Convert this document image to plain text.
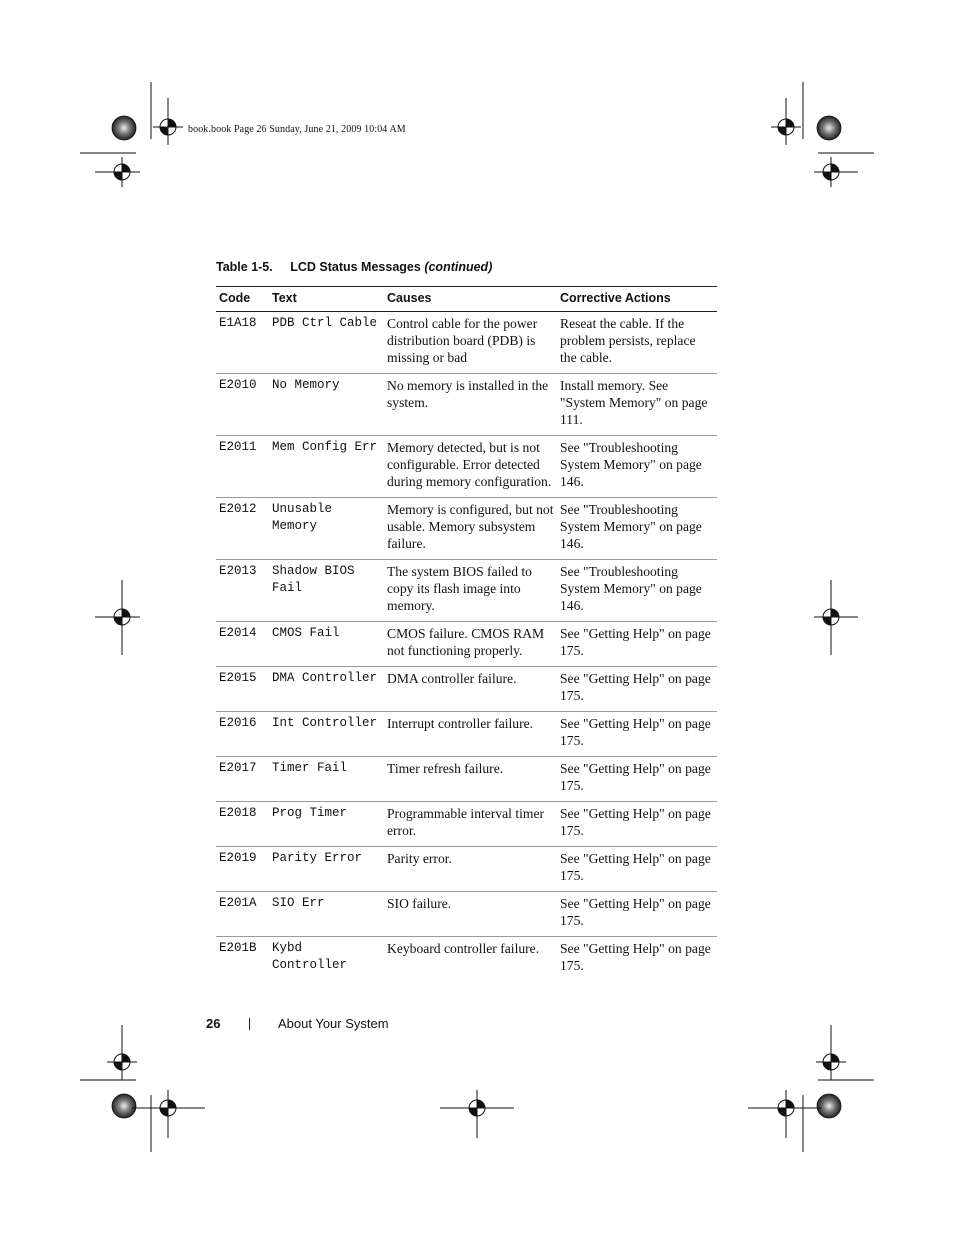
book.book Page 26 Sunday, June 21, 2009 10:04 AM
Table 1-5. LCD Status Messages (continued)
Code	Text	Causes	Corrective Actions
E1A18	PDB Ctrl Cable	Control cable for the power distribution board (PDB) is missing or bad	Reseat the cable. If the problem persists, replace the cable.
E2010	No Memory	No memory is installed in the system.	Install memory. See "System Memory" on page 111.
E2011	Mem Config Err	Memory detected, but is not configurable. Error detected during memory configuration.	See "Troubleshooting System Memory" on page 146.
E2012	Unusable Memory	Memory is configured, but not usable. Memory subsystem failure.	See "Troubleshooting System Memory" on page 146.
E2013	Shadow BIOS Fail	The system BIOS failed to copy its flash image into memory.	See "Troubleshooting System Memory" on page 146.
E2014	CMOS Fail	CMOS failure. CMOS RAM not functioning properly.	See "Getting Help" on page 175.
E2015	DMA Controller	DMA controller failure.	See "Getting Help" on page 175.
E2016	Int Controller	Interrupt controller failure.	See "Getting Help" on page 175.
E2017	Timer Fail	Timer refresh failure.	See "Getting Help" on page 175.
E2018	Prog Timer	Programmable interval timer error.	See "Getting Help" on page 175.
E2019	Parity Error	Parity error.	See "Getting Help" on page 175.
E201A	SIO Err	SIO failure.	See "Getting Help" on page 175.
E201B	Kybd Controller	Keyboard controller failure.	See "Getting Help" on page 175.
26	About Your System
